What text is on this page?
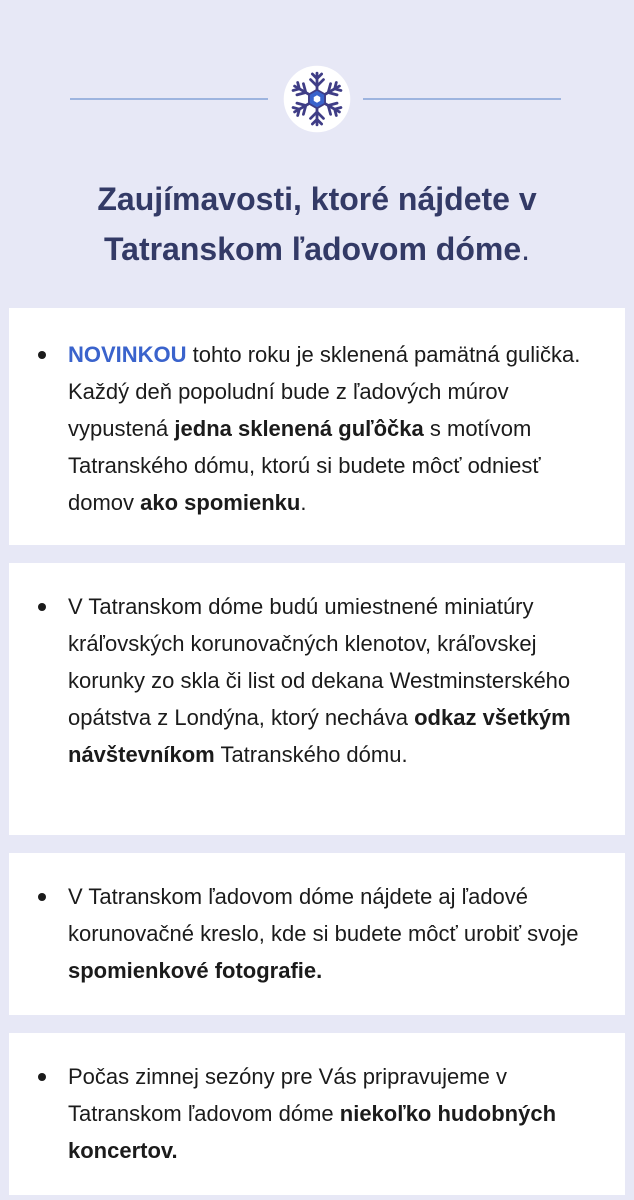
Zaujímavosti, ktoré nájdete v
Tatranskom ľadovom dóme.
NOVINKOU tohto roku je sklenená pamätná gulička. Každý deň popoludní bude z ľadových múrov vypustená jedna sklenená guľôčka s motívom Tatranského dómu, ktorú si budete môcť odniesť domov ako spomienku.
V Tatranskom dóme budú umiestnené miniatúry kráľovských korunovačných klenotov, kráľovskej korunky zo skla či list od dekana Westminsterského opátstva z Londýna, ktorý necháva odkaz všetkým návštevníkom Tatranského dómu.
V Tatranskom ľadovom dóme nájdete aj ľadové korunovačné kreslo, kde si budete môcť urobiť svoje spomienkové fotografie.
Počas zimnej sezóny pre Vás pripravujeme v Tatranskom ľadovom dóme niekoľko hudobných koncertov.
